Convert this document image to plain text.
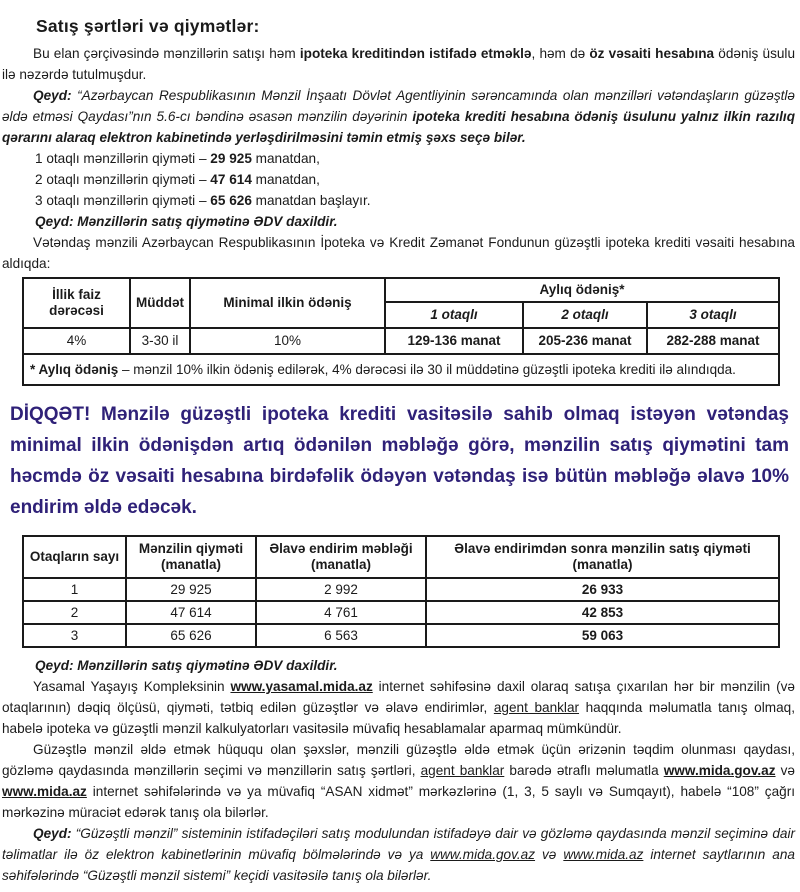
Satış şərtləri və qiymətlər:

Bu elan çərçivəsində mənzillərin satışı həm ipoteka kreditindən istifadə etməklə, həm də öz vəsaiti hesabına ödəniş üsulu ilə nəzərdə tutulmuşdur.

Qeyd: “Azərbaycan Respublikasının Mənzil İnşaatı Dövlət Agentliyinin sərəncamında olan mənzilləri vətəndaşların güzəştlə əldə etməsi Qaydası”nın 5.6-cı bəndinə əsasən mənzilin dəyərinin ipoteka krediti hesabına ödəniş üsulunu yalnız ilkin razılıq qərarını alaraq elektron kabinetində yerləşdirilməsini təmin etmiş şəxs seçə bilər.

1 otaqlı mənzillərin qiyməti – 29 925 manatdan,

2 otaqlı mənzillərin qiyməti – 47 614 manatdan,

3 otaqlı mənzillərin qiyməti – 65 626 manatdan başlayır.

Qeyd: Mənzillərin satış qiymətinə ƏDV daxildir.

Vətəndaş mənzili Azərbaycan Respublikasının İpoteka və Kredit Zəmanət Fondunun güzəştli ipoteka krediti vəsaiti hesabına aldıqda:

İllik faiz dərəcəsi	Müddət	Minimal ilkin ödəniş	Aylıq ödəniş*		
			1 otaqlı	2 otaqlı	3 otaqlı
4%	3-30 il	10%	129-136 manat	205-236 manat	282-288 manat
* Aylıq ödəniş – mənzil 10% ilkin ödəniş edilərək, 4% dərəcəsi ilə 30 il müddətinə güzəştli ipoteka krediti ilə alındıqda.					

DİQQƏT! Mənzilə güzəştli ipoteka krediti vasitəsilə sahib olmaq istəyən vətəndaş minimal ilkin ödənişdən artıq ödənilən məbləğə görə, mənzilin satış qiymətini tam həcmdə öz vəsaiti hesabına birdəfəlik ödəyən vətəndaş isə bütün məbləğə əlavə 10% endirim əldə edəcək.

Otaqların sayı	Mənzilin qiyməti (manatla)	Əlavə endirim məbləği (manatla)	Əlavə endirimdən sonra mənzilin satış qiyməti (manatla)
1	29 925	2 992	26 933
2	47 614	4 761	42 853
3	65 626	6 563	59 063

Qeyd: Mənzillərin satış qiymətinə ƏDV daxildir.

Yasamal Yaşayış Kompleksinin www.yasamal.mida.az internet səhifəsinə daxil olaraq satışa çıxarılan hər bir mənzilin (və otaqlarının) dəqiq ölçüsü, qiyməti, tətbiq edilən güzəştlər və əlavə endirimlər, agent banklar haqqında məlumatla tanış olmaq, habelə ipoteka və güzəştli mənzil kalkulyatorları vasitəsilə müvafiq hesablamalar aparmaq mümkündür.

Güzəştlə mənzil əldə etmək hüququ olan şəxslər, mənzili güzəştlə əldə etmək üçün ərizənin təqdim olunması qaydası, gözləmə qaydasında mənzillərin seçimi və mənzillərin satış şərtləri, agent banklar barədə ətraflı məlumatla www.mida.gov.az və www.mida.az internet səhifələrində və ya müvafiq “ASAN xidmət” mərkəzlərinə (1, 3, 5 saylı və Sumqayıt), habelə “108” çağrı mərkəzinə müraciət edərək tanış ola bilərlər.

Qeyd: “Güzəştli mənzil” sisteminin istifadəçiləri satış modulundan istifadəyə dair və gözləmə qaydasında mənzil seçiminə dair təlimatlar ilə öz elektron kabinetlərinin müvafiq bölmələrində və ya www.mida.gov.az və www.mida.az internet saytlarının ana səhifələrində “Güzəştli mənzil sistemi” keçidi vasitəsilə tanış ola bilərlər.
